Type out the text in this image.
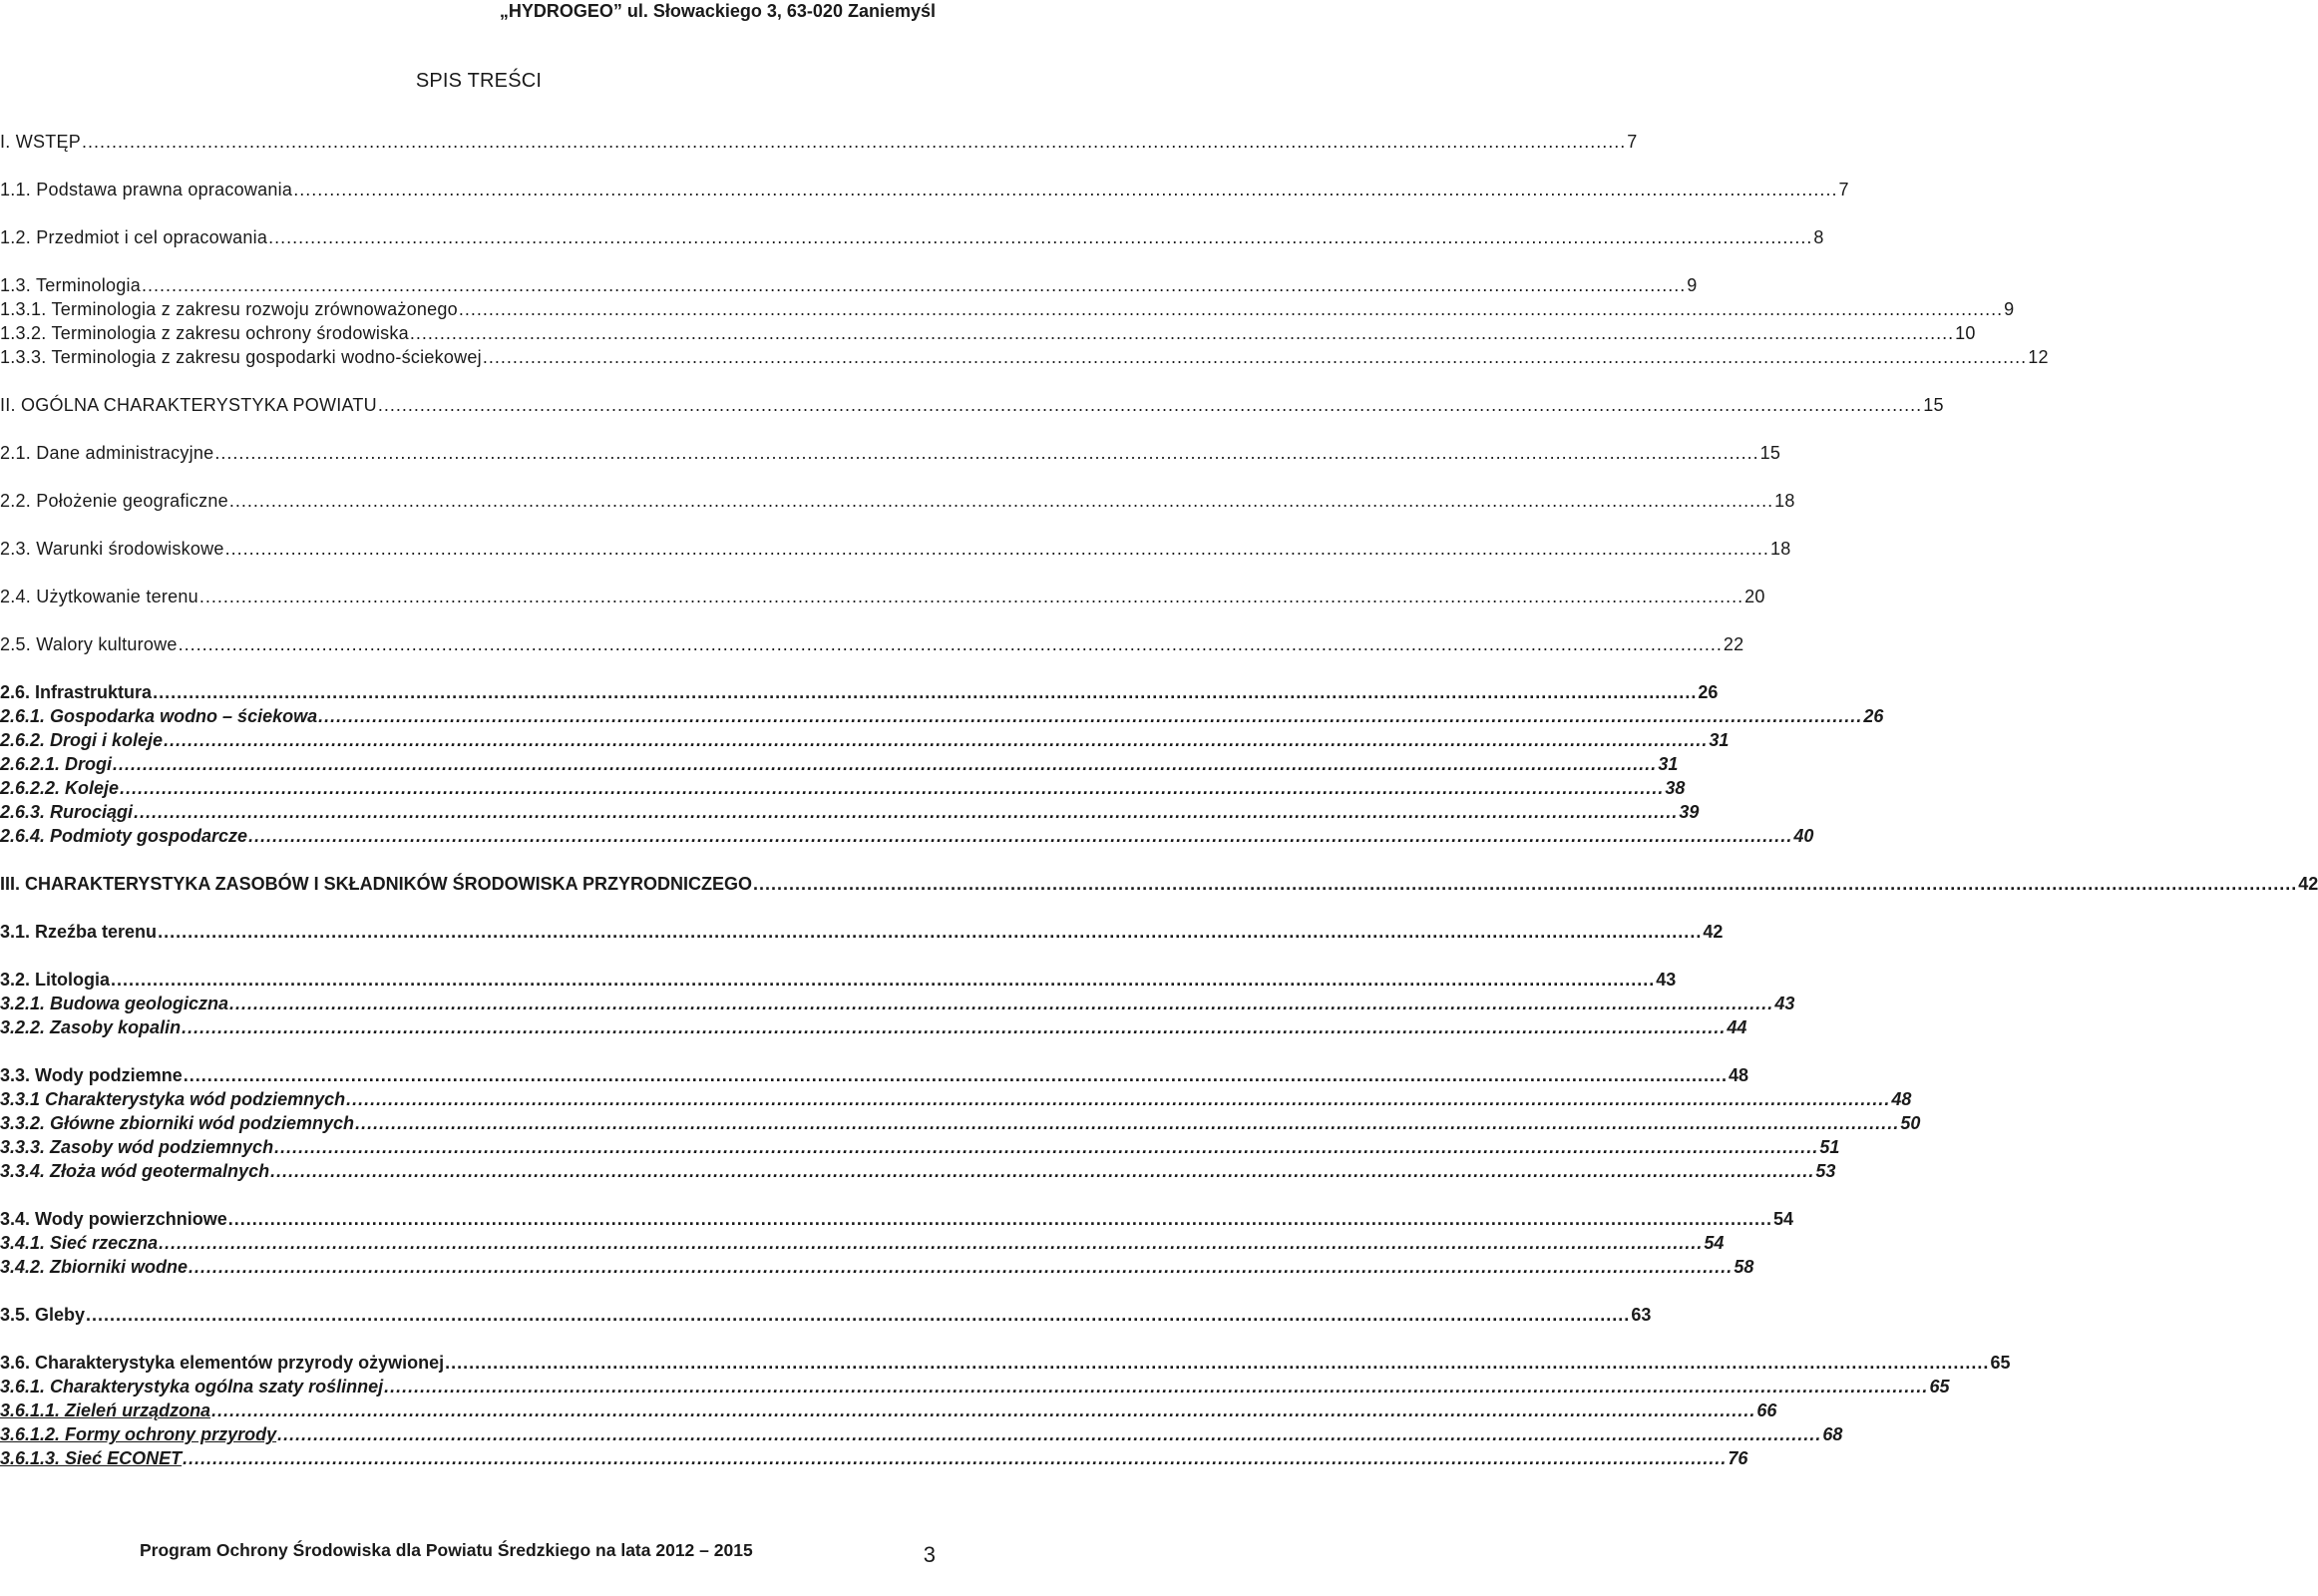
„HYDROGEO” ul. Słowackiego 3, 63-020 Zaniemyśl
SPIS TREŚCI
I. WSTĘP .................................................................................................................................................................................................................................................................. 7
1.1. Podstawa prawna opracowania .................................................................................................................................................................................................................................................................. 7
1.2. Przedmiot i cel opracowania .................................................................................................................................................................................................................................................................. 8
1.3. Terminologia .................................................................................................................................................................................................................................................................. 9
1.3.1. Terminologia z zakresu rozwoju zrównoważonego .................................................................................................................................................................................................................................................................. 9
1.3.2. Terminologia z zakresu ochrony środowiska .................................................................................................................................................................................................................................................................. 10
1.3.3. Terminologia z zakresu gospodarki wodno-ściekowej .................................................................................................................................................................................................................................................................. 12
II. OGÓLNA CHARAKTERYSTYKA POWIATU .................................................................................................................................................................................................................................................................. 15
2.1. Dane administracyjne .................................................................................................................................................................................................................................................................. 15
2.2. Położenie geograficzne .................................................................................................................................................................................................................................................................. 18
2.3. Warunki środowiskowe .................................................................................................................................................................................................................................................................. 18
2.4. Użytkowanie terenu .................................................................................................................................................................................................................................................................. 20
2.5. Walory kulturowe .................................................................................................................................................................................................................................................................. 22
2.6. Infrastruktura .................................................................................................................................................................................................................................................................. 26
2.6.1. Gospodarka wodno – ściekowa .................................................................................................................................................................................................................................................................. 26
2.6.2. Drogi i koleje .................................................................................................................................................................................................................................................................. 31
2.6.2.1. Drogi .................................................................................................................................................................................................................................................................. 31
2.6.2.2. Koleje .................................................................................................................................................................................................................................................................. 38
2.6.3. Rurociągi .................................................................................................................................................................................................................................................................. 39
2.6.4. Podmioty gospodarcze .................................................................................................................................................................................................................................................................. 40
III. CHARAKTERYSTYKA ZASOBÓW I SKŁADNIKÓW ŚRODOWISKA PRZYRODNICZEGO .................................................................................................................................................................................................................................................................. 42
3.1. Rzeźba terenu .................................................................................................................................................................................................................................................................. 42
3.2. Litologia .................................................................................................................................................................................................................................................................. 43
3.2.1. Budowa geologiczna .................................................................................................................................................................................................................................................................. 43
3.2.2. Zasoby kopalin .................................................................................................................................................................................................................................................................. 44
3.3. Wody podziemne .................................................................................................................................................................................................................................................................. 48
3.3.1 Charakterystyka wód podziemnych .................................................................................................................................................................................................................................................................. 48
3.3.2. Główne zbiorniki wód podziemnych .................................................................................................................................................................................................................................................................. 50
3.3.3. Zasoby wód podziemnych .................................................................................................................................................................................................................................................................. 51
3.3.4. Złoża wód geotermalnych .................................................................................................................................................................................................................................................................. 53
3.4. Wody powierzchniowe .................................................................................................................................................................................................................................................................. 54
3.4.1. Sieć rzeczna .................................................................................................................................................................................................................................................................. 54
3.4.2. Zbiorniki wodne .................................................................................................................................................................................................................................................................. 58
3.5. Gleby .................................................................................................................................................................................................................................................................. 63
3.6. Charakterystyka elementów przyrody ożywionej .................................................................................................................................................................................................................................................................. 65
3.6.1. Charakterystyka ogólna szaty roślinnej .................................................................................................................................................................................................................................................................. 65
3.6.1.1. Zieleń urządzona .................................................................................................................................................................................................................................................................. 66
3.6.1.2. Formy ochrony przyrody .................................................................................................................................................................................................................................................................. 68
3.6.1.3. Sieć ECONET .................................................................................................................................................................................................................................................................. 76
Program Ochrony Środowiska dla Powiatu Średzkiego na lata 2012 – 2015	3
